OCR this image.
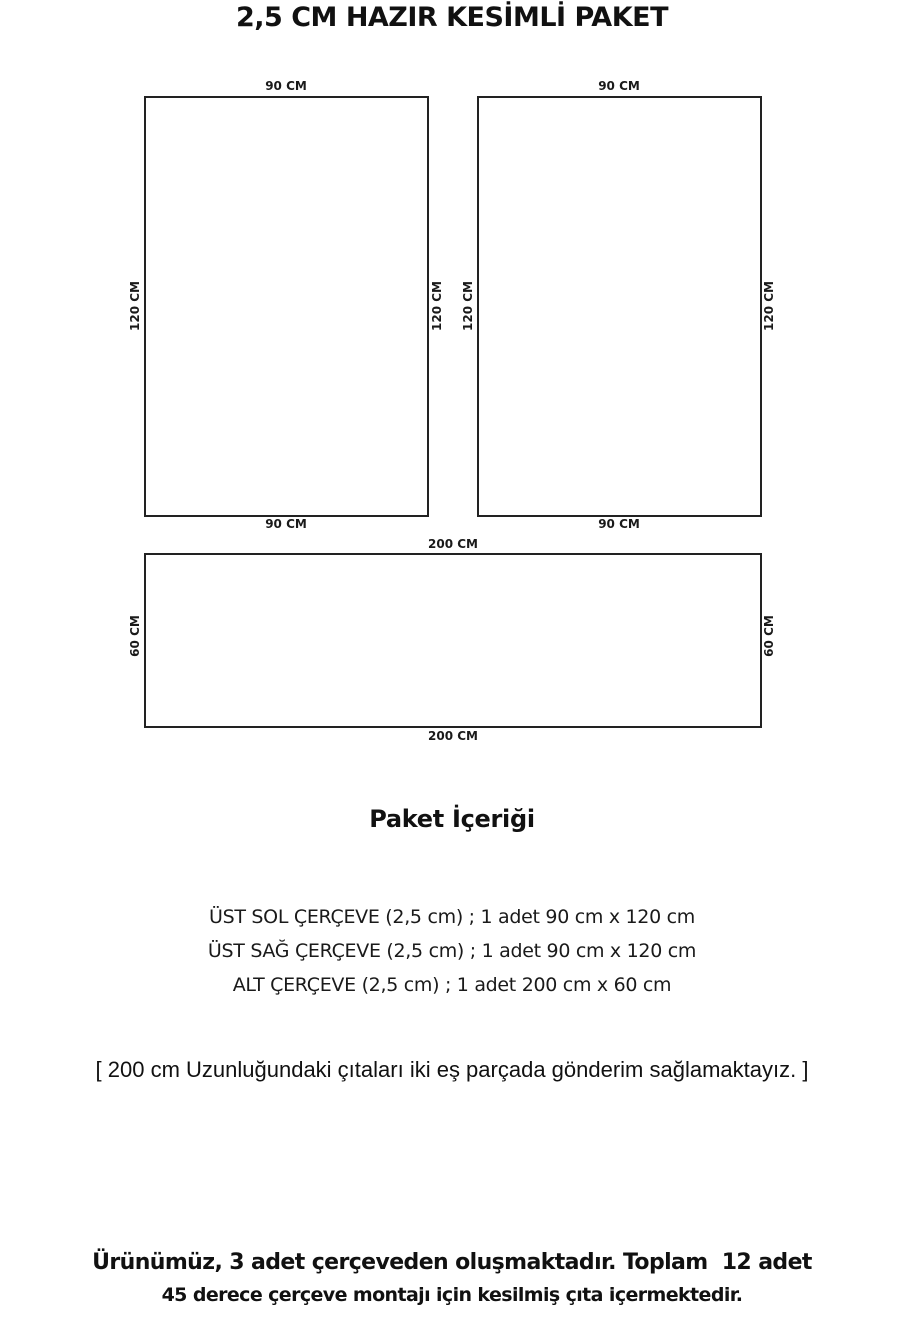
2,5 CM HAZIR KESİMLİ PAKET
90 CM
90 CM
120 CM	120 CM
90 CM
90 CM
120 CM	120 CM
200 CM
200 CM
60 CM	60 CM
Paket İçeriği
ÜST SOL ÇERÇEVE (2,5 cm) ; 1 adet 90 cm x 120 cm
ÜST SAĞ ÇERÇEVE (2,5 cm) ; 1 adet 90 cm x 120 cm
ALT ÇERÇEVE (2,5 cm) ; 1 adet 200 cm x 60 cm
[ 200 cm Uzunluğundaki çıtaları iki eş parçada gönderim sağlamaktayız. ]
Ürünümüz, 3 adet çerçeveden oluşmaktadır. Toplam  12 adet
45 derece çerçeve montajı için kesilmiş çıta içermektedir.
